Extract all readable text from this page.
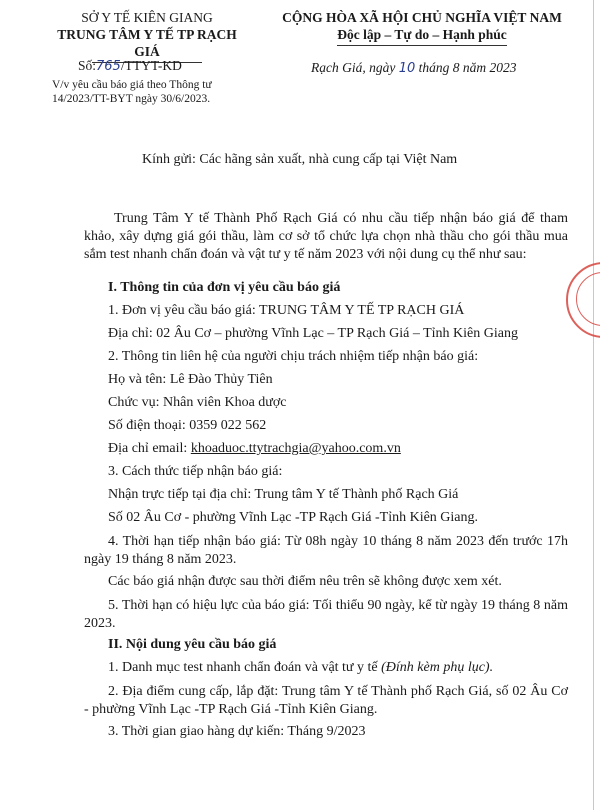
SỞ Y TẾ KIÊN GIANG
TRUNG TÂM Y TẾ TP RẠCH GIÁ
CỘNG HÒA XÃ HỘI CHỦ NGHĨA VIỆT NAM
Độc lập – Tự do – Hạnh phúc
Số:765/TTYT-KD
V/v yêu cầu báo giá theo Thông tư
14/2023/TT-BYT ngày 30/6/2023.
Rạch Giá, ngày 10 tháng 8 năm 2023
Kính gửi: Các hãng sản xuất, nhà cung cấp tại Việt Nam
Trung Tâm Y tế Thành Phố Rạch Giá có nhu cầu tiếp nhận báo giá để tham khảo, xây dựng giá gói thầu, làm cơ sở tổ chức lựa chọn nhà thầu cho gói thầu mua sắm test nhanh chẩn đoán và vật tư y tế năm 2023 với nội dung cụ thể như sau:
I. Thông tin của đơn vị yêu cầu báo giá
1. Đơn vị yêu cầu báo giá: TRUNG TÂM Y TẾ TP RẠCH GIÁ
Địa chỉ: 02 Âu Cơ – phường Vĩnh Lạc – TP Rạch Giá – Tỉnh Kiên Giang
2. Thông tin liên hệ của người chịu trách nhiệm tiếp nhận báo giá:
Họ và tên: Lê Đào Thủy Tiên
Chức vụ: Nhân viên Khoa dược
Số điện thoại: 0359 022 562
Địa chỉ email: khoaduoc.ttytrachgia@yahoo.com.vn
3. Cách thức tiếp nhận báo giá:
Nhận trực tiếp tại địa chỉ: Trung tâm Y tế Thành phố Rạch Giá
Số 02 Âu Cơ - phường Vĩnh Lạc -TP Rạch Giá -Tỉnh Kiên Giang.
4. Thời hạn tiếp nhận báo giá: Từ 08h ngày 10 tháng 8 năm 2023 đến trước 17h ngày 19 tháng 8 năm 2023.
Các báo giá nhận được sau thời điểm nêu trên sẽ không được xem xét.
5. Thời hạn có hiệu lực của báo giá: Tối thiểu 90 ngày, kể từ ngày 19 tháng 8 năm 2023.
II. Nội dung yêu cầu báo giá
1. Danh mục test nhanh chẩn đoán và vật tư y tế (Đính kèm phụ lục).
2. Địa điểm cung cấp, lắp đặt: Trung tâm Y tế Thành phố Rạch Giá, số 02 Âu Cơ - phường Vĩnh Lạc -TP Rạch Giá -Tỉnh Kiên Giang.
3. Thời gian giao hàng dự kiến: Tháng 9/2023
